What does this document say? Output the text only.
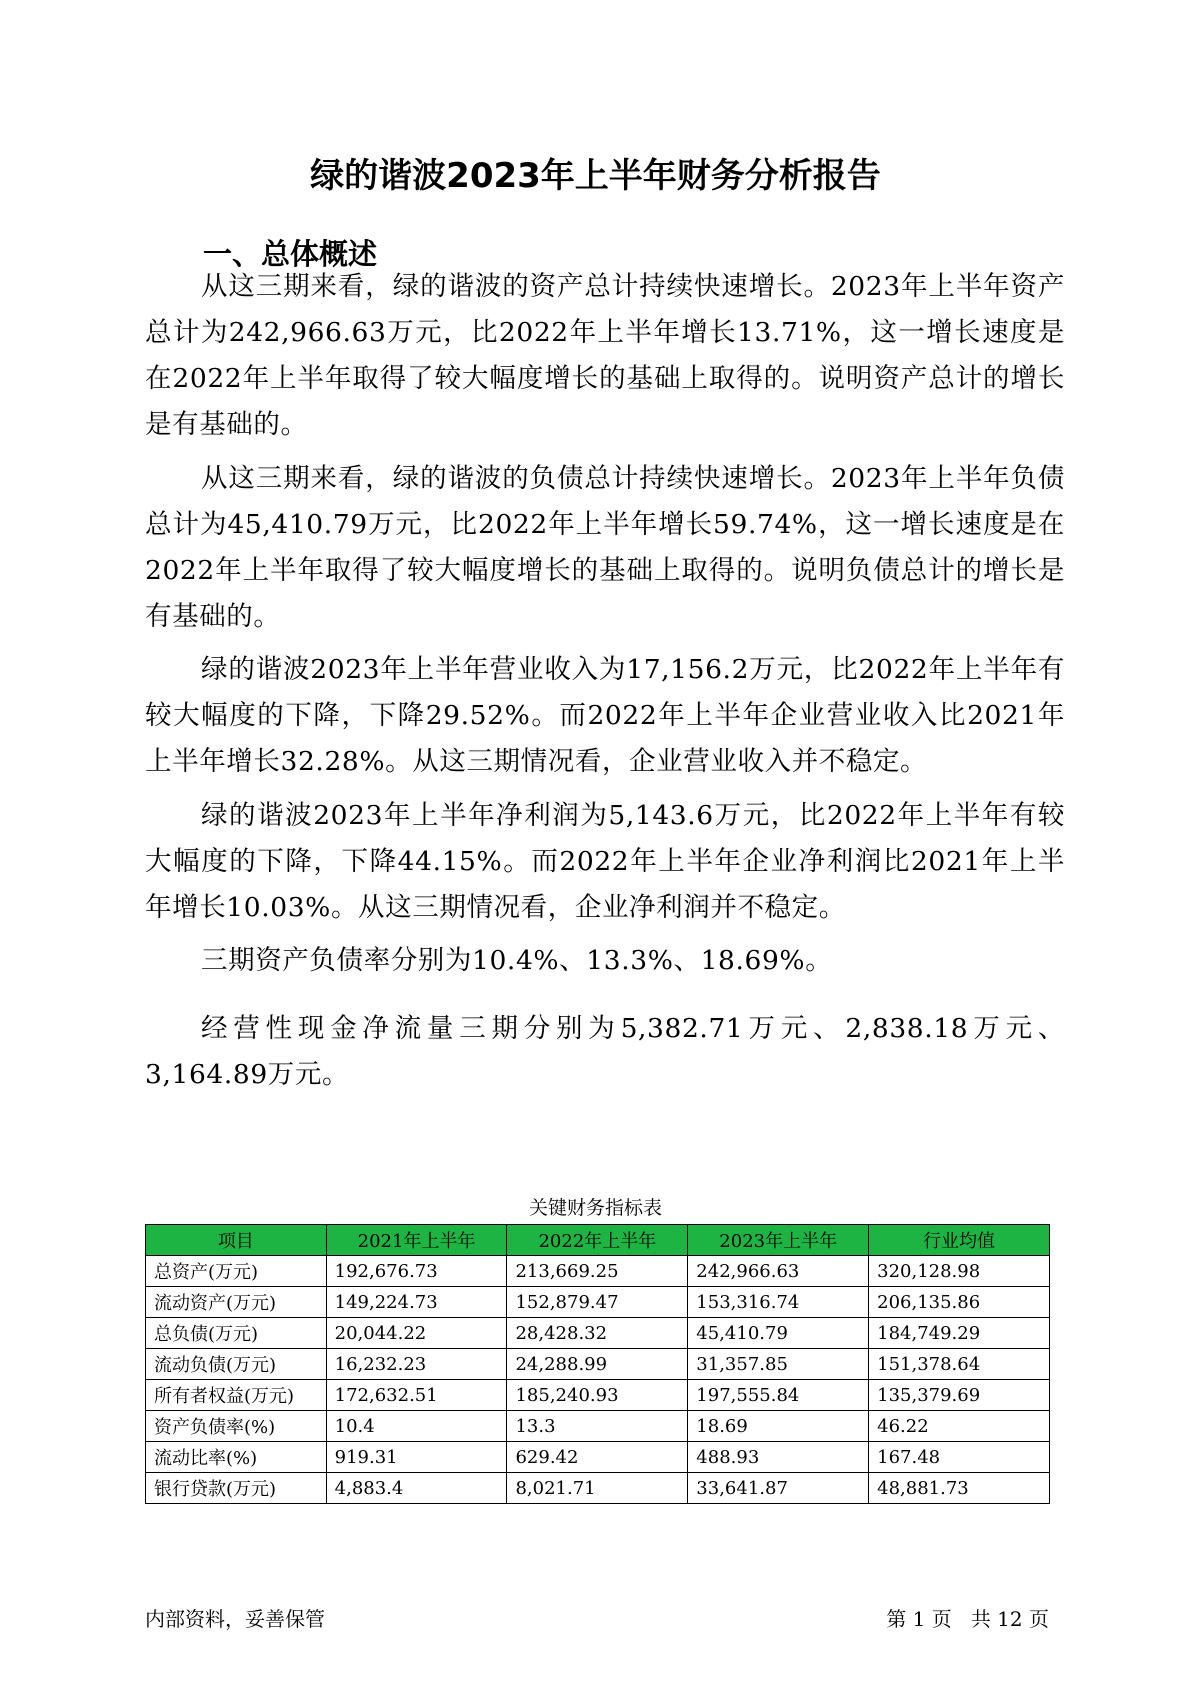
绿的谐波2023年上半年财务分析报告
一、总体概述

从这三期来看，绿的谐波的资产总计持续快速增长。2023年上半年资产总计为242,966.63万元，比2022年上半年增长13.71%，这一增长速度是在2022年上半年取得了较大幅度增长的基础上取得的。说明资产总计的增长是有基础的。

从这三期来看，绿的谐波的负债总计持续快速增长。2023年上半年负债总计为45,410.79万元，比2022年上半年增长59.74%，这一增长速度是在2022年上半年取得了较大幅度增长的基础上取得的。说明负债总计的增长是有基础的。

绿的谐波2023年上半年营业收入为17,156.2万元，比2022年上半年有较大幅度的下降，下降29.52%。而2022年上半年企业营业收入比2021年上半年增长32.28%。从这三期情况看，企业营业收入并不稳定。

绿的谐波2023年上半年净利润为5,143.6万元，比2022年上半年有较大幅度的下降，下降44.15%。而2022年上半年企业净利润比2021年上半年增长10.03%。从这三期情况看，企业净利润并不稳定。

三期资产负债率分别为10.4%、13.3%、18.69%。

经营性现金净流量三期分别为5,382.71万元、2,838.18万元、3,164.89万元。

关键财务指标表
项目	2021年上半年	2022年上半年	2023年上半年	行业均值
总资产(万元)	192,676.73	213,669.25	242,966.63	320,128.98
流动资产(万元)	149,224.73	152,879.47	153,316.74	206,135.86
总负债(万元)	20,044.22	28,428.32	45,410.79	184,749.29
流动负债(万元)	16,232.23	24,288.99	31,357.85	151,378.64
所有者权益(万元)	172,632.51	185,240.93	197,555.84	135,379.69
资产负债率(%)	10.4	13.3	18.69	46.22
流动比率(%)	919.31	629.42	488.93	167.48
银行贷款(万元)	4,883.4	8,021.71	33,641.87	48,881.73
内部资料，妥善保管	第 1 页   共 12 页
